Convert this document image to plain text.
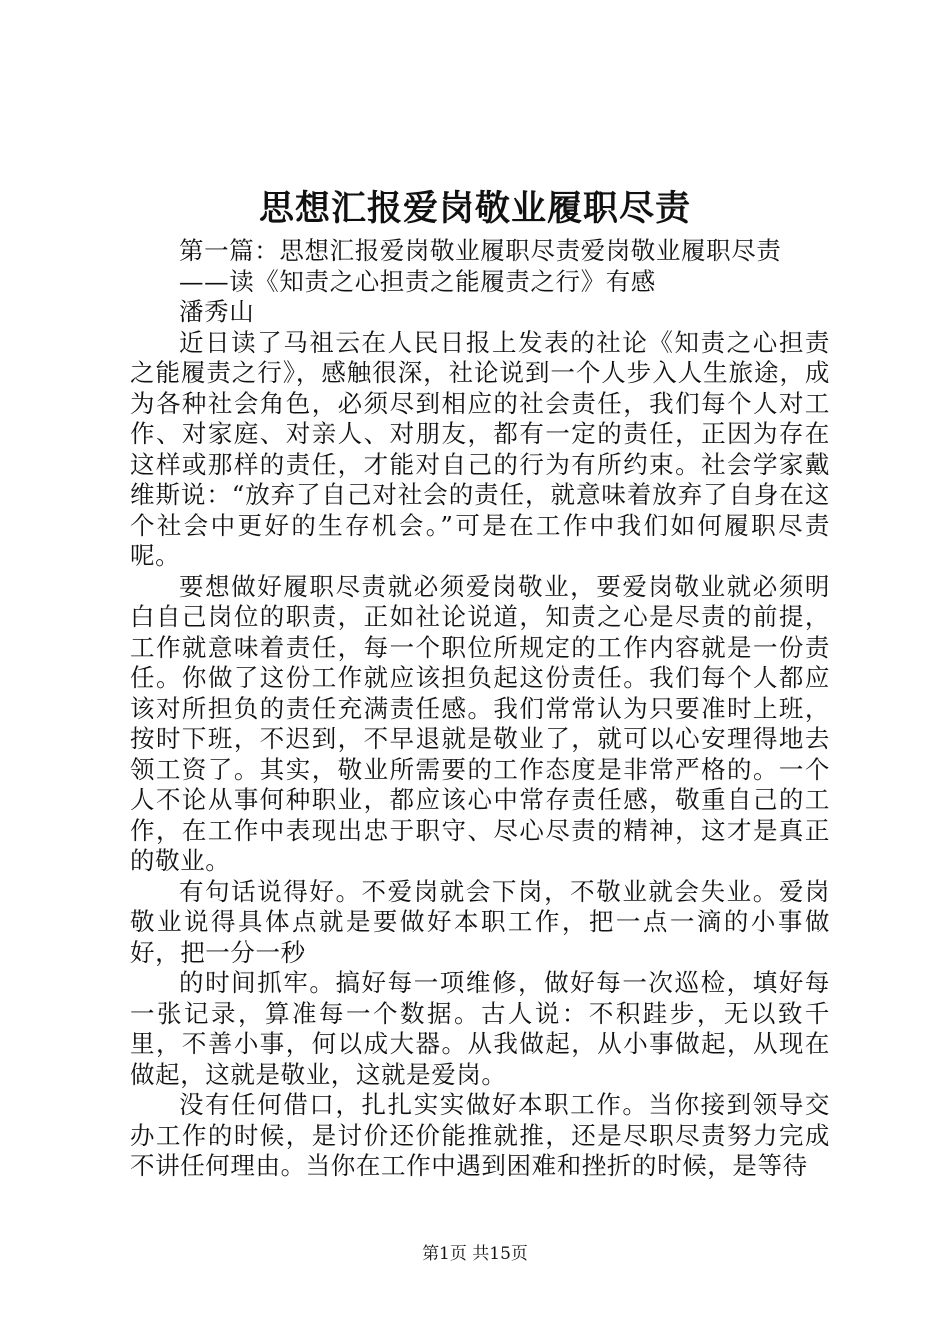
思想汇报爱岗敬业履职尽责
第一篇：思想汇报爱岗敬业履职尽责爱岗敬业履职尽责
——读《知责之心担责之能履责之行》有感
潘秀山

近日读了马祖云在人民日报上发表的社论《知责之心担责之能履责之行》，感触很深，社论说到一个人步入人生旅途，成为各种社会角色，必须尽到相应的社会责任，我们每个人对工作、对家庭、对亲人、对朋友，都有一定的责任，正因为存在这样或那样的责任，才能对自己的行为有所约束。社会学家戴维斯说：“放弃了自己对社会的责任，就意味着放弃了自身在这个社会中更好的生存机会。”可是在工作中我们如何履职尽责呢。

要想做好履职尽责就必须爱岗敬业，要爱岗敬业就必须明白自己岗位的职责，正如社论说道，知责之心是尽责的前提，工作就意味着责任，每一个职位所规定的工作内容就是一份责任。你做了这份工作就应该担负起这份责任。我们每个人都应该对所担负的责任充满责任感。我们常常认为只要准时上班，按时下班，不迟到，不早退就是敬业了，就可以心安理得地去领工资了。其实，敬业所需要的工作态度是非常严格的。一个人不论从事何种职业，都应该心中常存责任感，敬重自己的工作，在工作中表现出忠于职守、尽心尽责的精神，这才是真正的敬业。

有句话说得好。不爱岗就会下岗，不敬业就会失业。爱岗敬业说得具体点就是要做好本职工作，把一点一滴的小事做好，把一分一秒

的时间抓牢。搞好每一项维修，做好每一次巡检，填好每一张记录，算准每一个数据。古人说：不积跬步，无以致千里，不善小事，何以成大器。从我做起，从小事做起，从现在做起，这就是敬业，这就是爱岗。

没有任何借口，扎扎实实做好本职工作。当你接到领导交办工作的时候，是讨价还价能推就推，还是尽职尽责努力完成不讲任何理由。当你在工作中遇到困难和挫折的时候，是等待

第1页 共15页
